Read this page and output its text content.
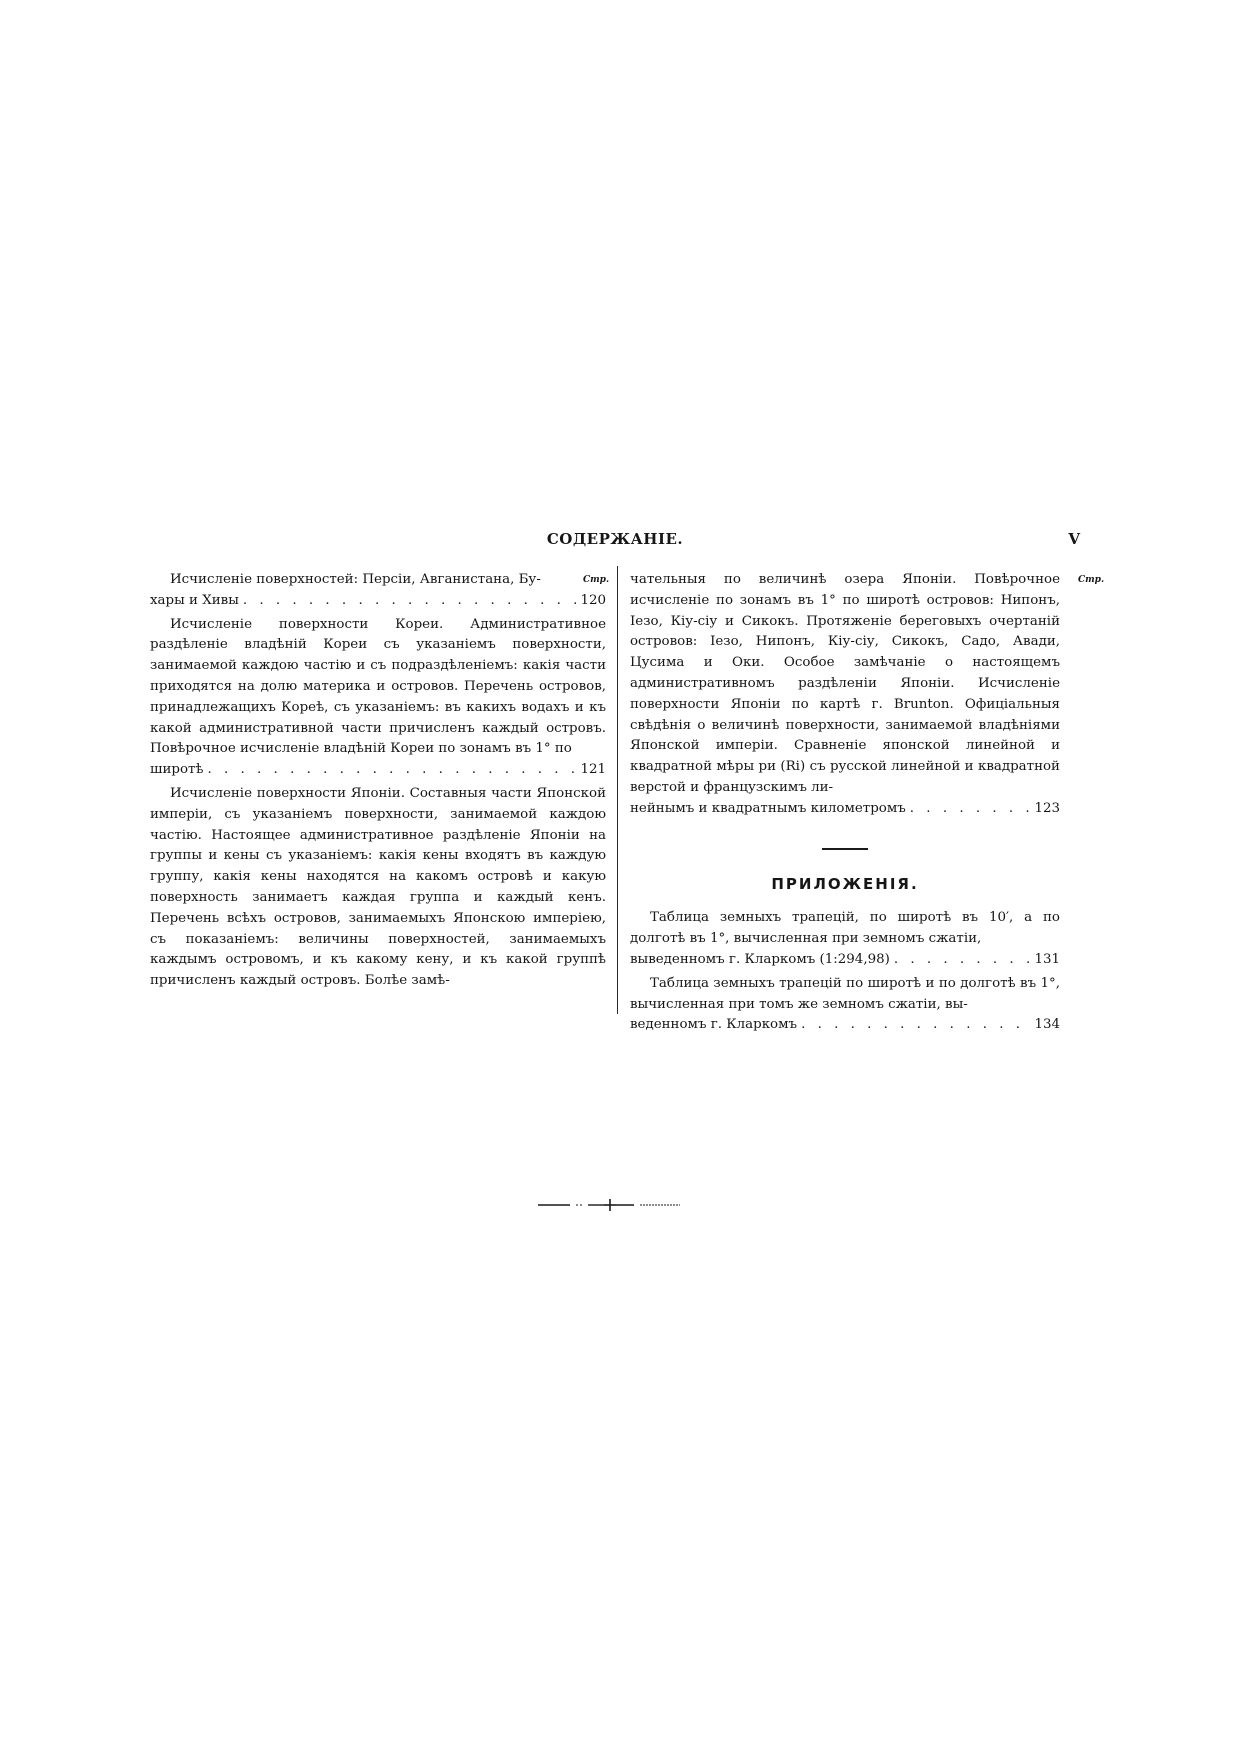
СОДЕРЖАНІЕ.	V
Стр.	Стр.
Исчисленіе поверхностей: Персіи, Авганистана, Бу-
хары и Хивы . . .	120
Исчисленіе поверхности Кореи. Административное раздѣленіе владѣній Кореи съ указаніемъ поверхности, занимаемой каждою частію и съ подраздѣленіемъ: какія части приходятся на долю материка и островов. Перечень островов, принадлежащихъ Кореѣ, съ указаніемъ: въ какихъ водахъ и къ какой административной части причисленъ каждый островъ. Повѣрочное исчисленіе владѣній Кореи по зонамъ въ 1° по
широтѣ . . .	121
Исчисленіе поверхности Японіи. Составныя части Японской имперіи, съ указаніемъ поверхности, занимаемой каждою частію. Настоящее административное раздѣленіе Японіи на группы и кены съ указаніемъ: какія кены входятъ въ каждую группу, какія кены находятся на какомъ островѣ и какую поверхность занимаетъ каждая группа и каждый кенъ. Перечень всѣхъ островов, занимаемыхъ Японскою имперіею, съ показаніемъ: величины поверхностей, занимаемыхъ каждымъ островомъ, и къ какому кену, и къ какой группѣ причисленъ каждый островъ. Болѣе замѣ-
чательныя по величинѣ озера Японіи. Повѣрочное исчисленіе по зонамъ въ 1° по широтѣ островов: Нипонъ, Іезо, Кіу-сіу и Сикокъ. Протяженіе береговыхъ очертаній островов: Іезо, Нипонъ, Кіу-сіу, Сикокъ, Садо, Авади, Цусима и Оки. Особое замѣчаніе о настоящемъ административномъ раздѣленіи Японіи. Исчисленіе поверхности Японіи по картѣ г. Brunton. Офиціальныя свѣдѣнія о величинѣ поверхности, занимаемой владѣніями Японской имперіи. Сравненіе японской линейной и квадратной мѣры ри (Ri) съ русской линейной и квадратной верстой и французскимъ ли-
нейнымъ и квадратнымъ километромъ . . .	123
ПРИЛОЖЕНІЯ.
Таблица земныхъ трапецій, по широтѣ въ 10′, а по долготѣ въ 1°, вычисленная при земномъ сжатіи,
выведенномъ г. Кларкомъ (1:294,98) . . .	131
Таблица земныхъ трапецій по широтѣ и по долготѣ въ 1°, вычисленная при томъ же земномъ сжатіи, вы-
веденномъ г. Кларкомъ . . .	134
